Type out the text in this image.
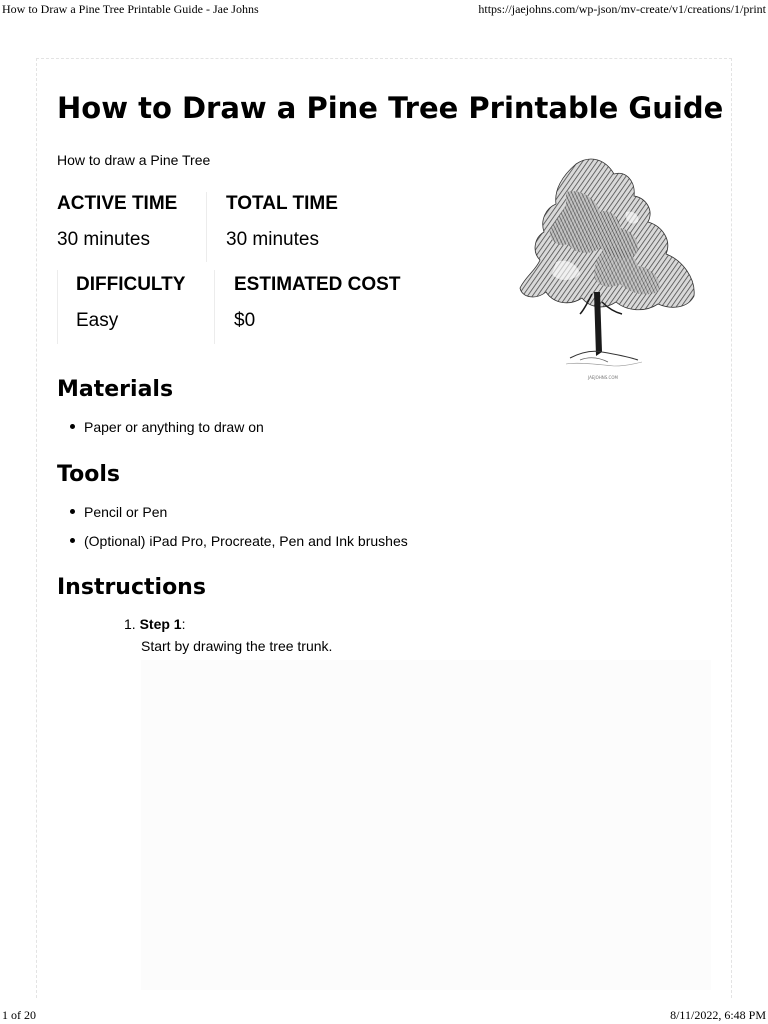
How to Draw a Pine Tree Printable Guide - Jae Johns	https://jaejohns.com/wp-json/mv-create/v1/creations/1/print
How to Draw a Pine Tree Printable Guide
How to draw a Pine Tree
ACTIVE TIME
30 minutes
TOTAL TIME
30 minutes
DIFFICULTY
Easy
ESTIMATED COST
$0
JAEJOHNS.COM
Materials
Paper or anything to draw on
Tools
Pencil or Pen
(Optional) iPad Pro, Procreate, Pen and Ink brushes
Instructions
1. Step 1:
Start by drawing the tree trunk.
1 of 20	8/11/2022, 6:48 PM
